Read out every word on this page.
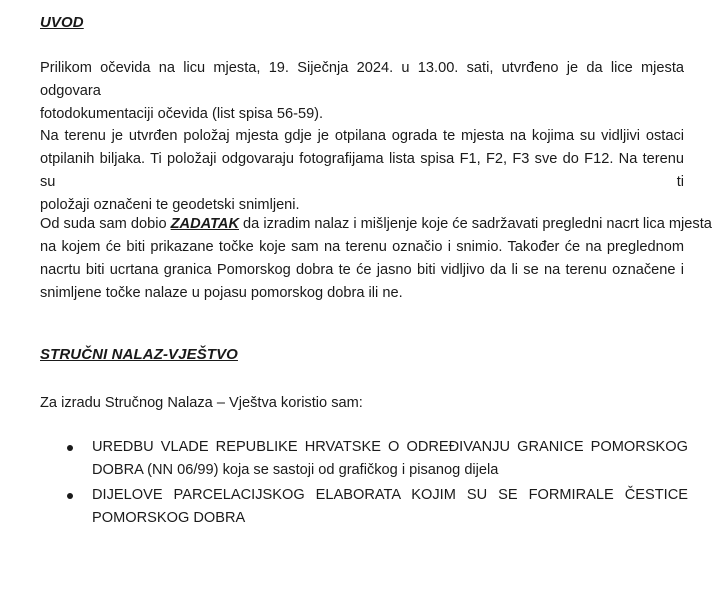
UVOD
Prilikom očevida na licu mjesta, 19. Siječnja 2024. u 13.00. sati, utvrđeno je da lice mjesta odgovara
fotodokumentaciji očevida (list spisa 56-59).
Na terenu je utvrđen položaj mjesta gdje je otpilana ograda te mjesta na kojima su vidljivi ostaci
otpilanih biljaka. Ti položaji odgovaraju fotografijama lista spisa F1, F2, F3 sve do F12. Na terenu su ti
položaji označeni te geodetski snimljeni.
Od suda sam dobio ZADATAK da izradim nalaz i mišljenje koje će sadržavati pregledni nacrt lica mjesta
na kojem će biti prikazane točke koje sam na terenu označio i snimio. Također će na preglednom
nacrtu biti ucrtana granica Pomorskog dobra te će jasno biti vidljivo da li se na terenu označene i
snimljene točke nalaze u pojasu pomorskog dobra ili ne.
STRUČNI NALAZ-VJEŠTVO
Za izradu Stručnog Nalaza – Vještva koristio sam:
UREDBU VLADE REPUBLIKE HRVATSKE O ODREĐIVANJU GRANICE POMORSKOG
DOBRA (NN 06/99) koja se sastoji od grafičkog i pisanog dijela
DIJELOVE PARCELACIJSKOG ELABORATA KOJIM SU SE FORMIRALE ČESTICE
POMORSKOG DOBRA
